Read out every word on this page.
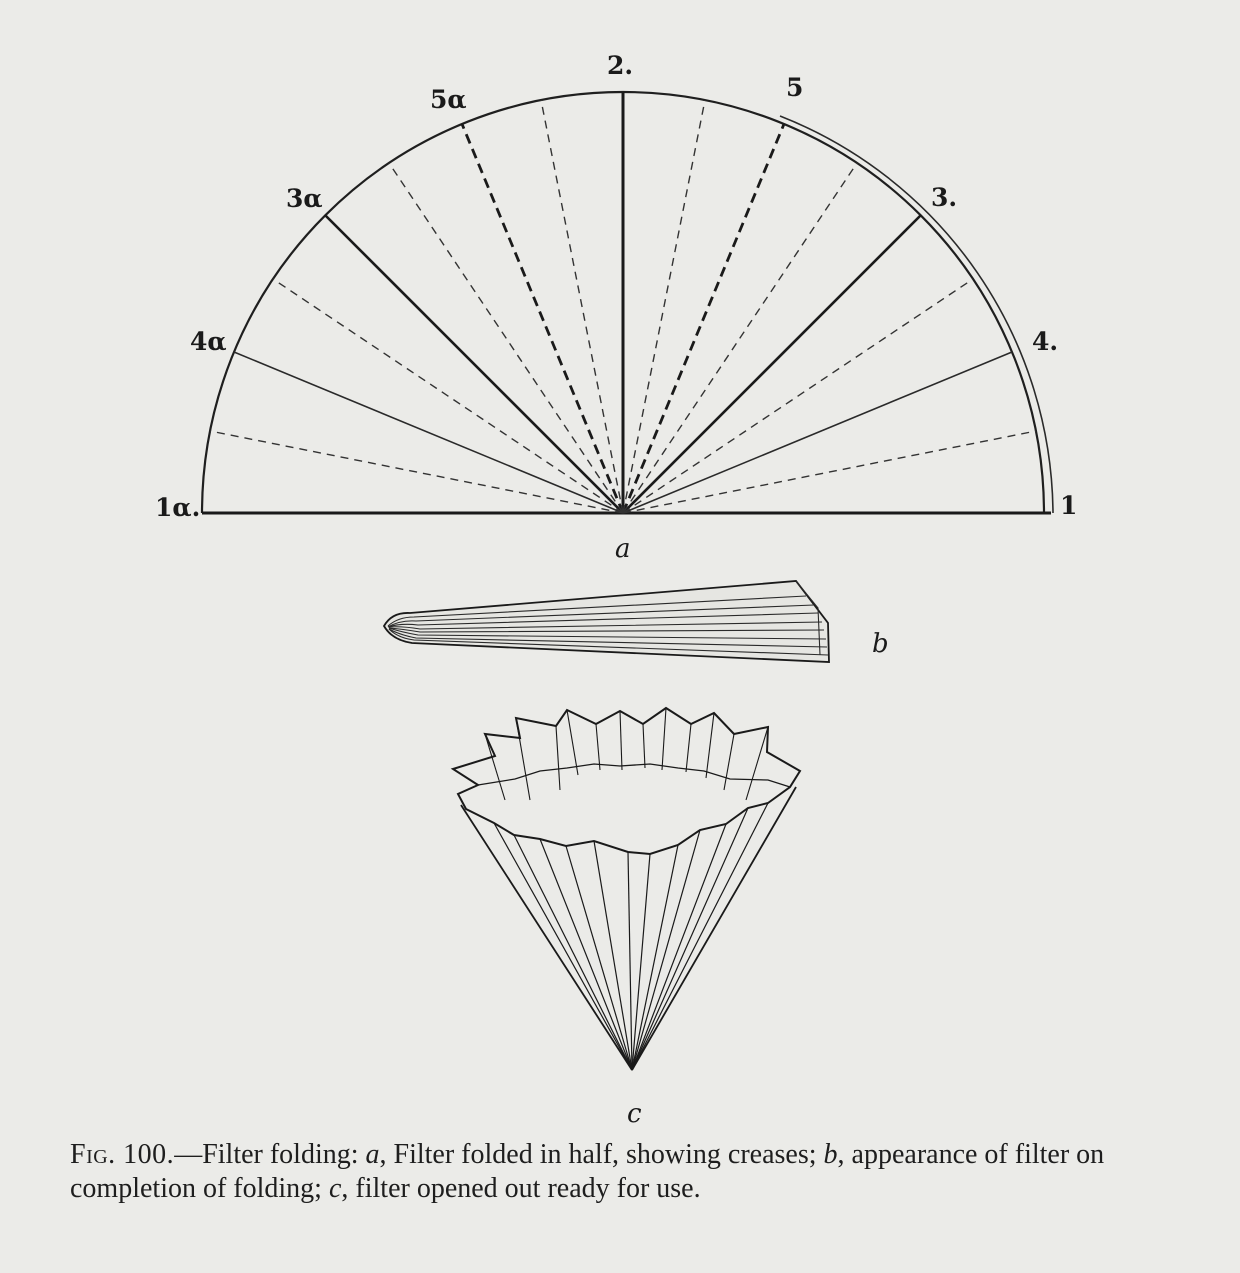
1α.	1
2.
3α	3.
4α	4.
5α	5
a
b
c
Fig. 100.—Filter folding: a, Filter folded in half, showing creases; b, appearance of filter on completion of folding; c, filter opened out ready for use.
